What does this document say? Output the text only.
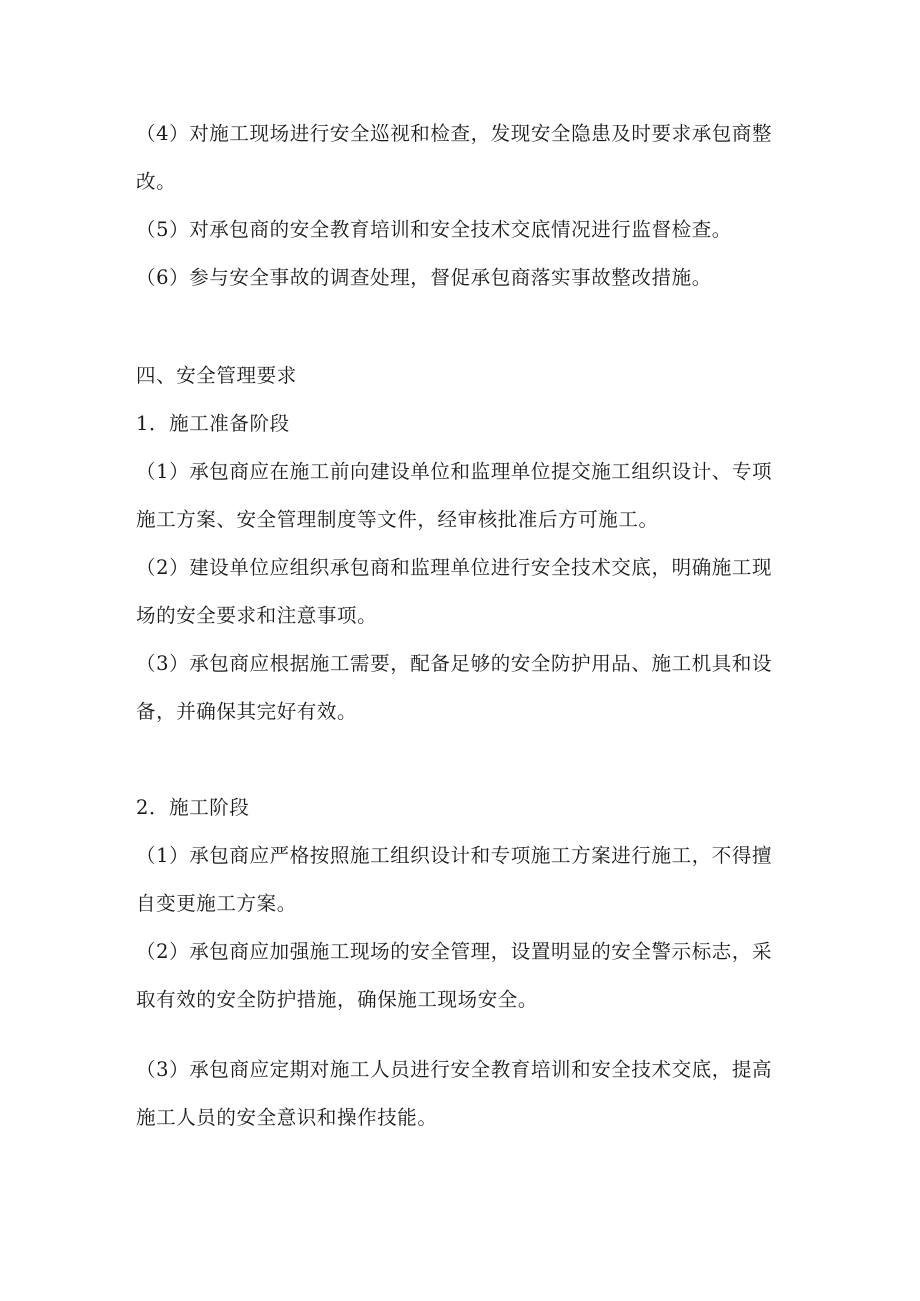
（4）对施工现场进行安全巡视和检查，发现安全隐患及时要求承包商整
改。
（5）对承包商的安全教育培训和安全技术交底情况进行监督检查。
（6）参与安全事故的调查处理，督促承包商落实事故整改措施。
四、安全管理要求
1．施工准备阶段
（1）承包商应在施工前向建设单位和监理单位提交施工组织设计、专项
施工方案、安全管理制度等文件，经审核批准后方可施工。
（2）建设单位应组织承包商和监理单位进行安全技术交底，明确施工现
场的安全要求和注意事项。
（3）承包商应根据施工需要，配备足够的安全防护用品、施工机具和设
备，并确保其完好有效。
2．施工阶段
（1）承包商应严格按照施工组织设计和专项施工方案进行施工，不得擅
自变更施工方案。
（2）承包商应加强施工现场的安全管理，设置明显的安全警示标志，采
取有效的安全防护措施，确保施工现场安全。
（3）承包商应定期对施工人员进行安全教育培训和安全技术交底，提高
施工人员的安全意识和操作技能。
